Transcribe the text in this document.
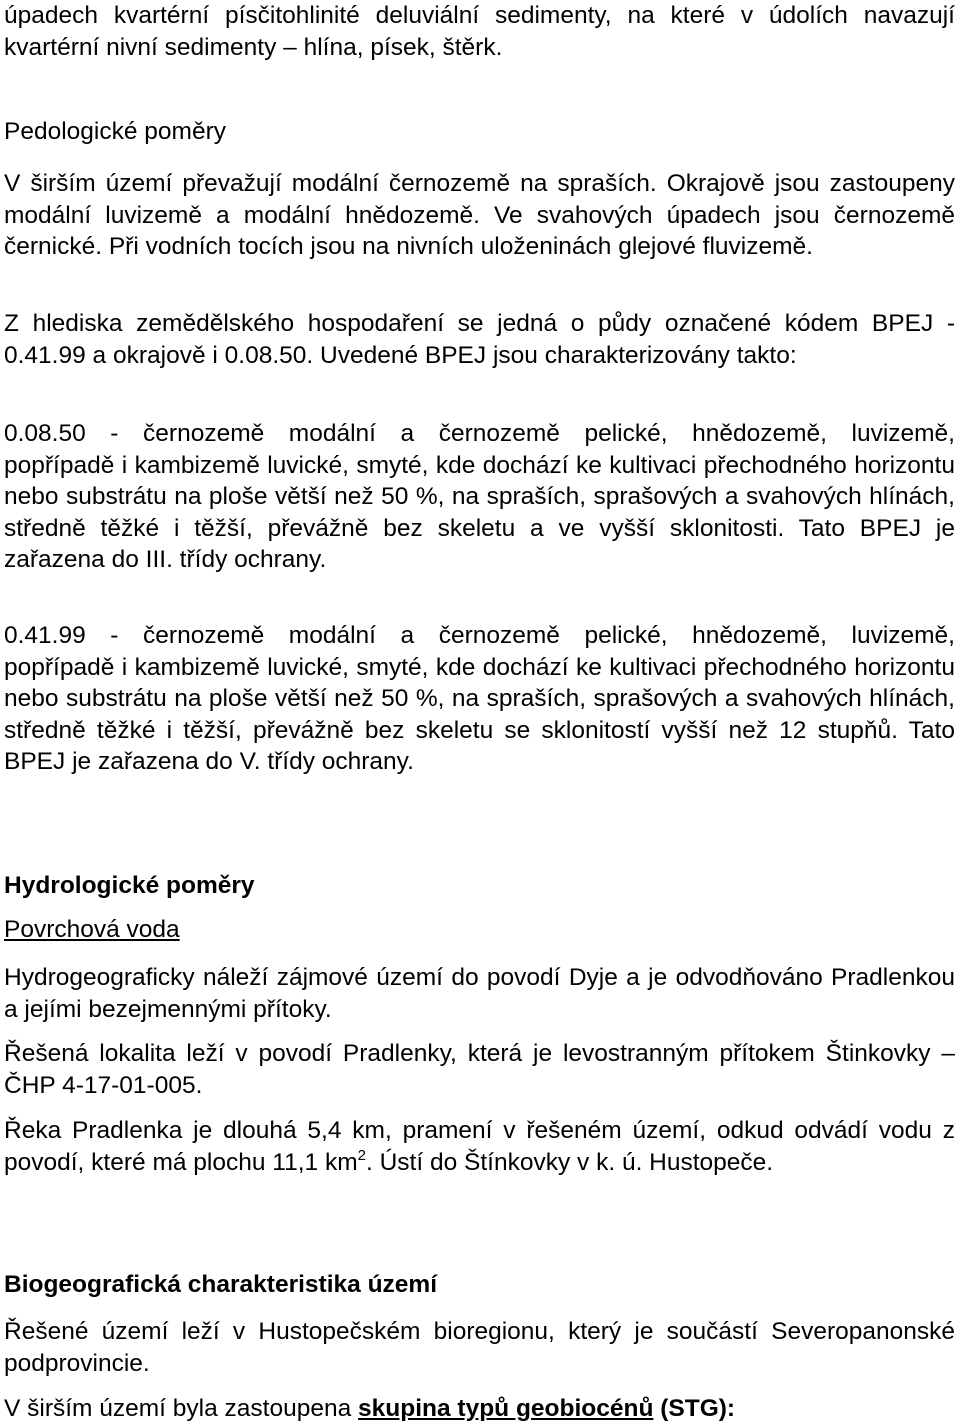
úpadech kvartérní písčitohlinité deluviální sedimenty, na které v údolích navazují kvartérní nivní sedimenty – hlína, písek, štěrk.

Pedologické poměry

V širším území převažují modální černozemě na spraších. Okrajově jsou zastoupeny modální luvizemě a modální hnědozemě. Ve svahových úpadech jsou černozemě černické. Při vodních tocích jsou na nivních uloženinách glejové fluvizemě.

Z hlediska zemědělského hospodaření se jedná o půdy označené kódem BPEJ - 0.41.99 a okrajově i 0.08.50. Uvedené BPEJ jsou charakterizovány takto:

0.08.50 - černozemě modální a černozemě pelické, hnědozemě, luvizemě,

popřípadě i kambizemě luvické, smyté, kde dochází ke kultivaci přechodného horizontu nebo substrátu na ploše větší než 50 %, na spraších, sprašových a svahových hlínách, středně těžké i těžší, převážně bez skeletu a ve vyšší sklonitosti. Tato BPEJ je zařazena do III. třídy ochrany.

0.41.99 - černozemě modální a černozemě pelické, hnědozemě, luvizemě,

popřípadě i kambizemě luvické, smyté, kde dochází ke kultivaci přechodného horizontu nebo substrátu na ploše větší než 50 %, na spraších, sprašových a svahových hlínách, středně těžké i těžší, převážně bez skeletu se sklonitostí vyšší než 12 stupňů. Tato BPEJ je zařazena do V. třídy ochrany.

Hydrologické poměry

Povrchová voda

Hydrogeograficky náleží zájmové území do povodí Dyje a je odvodňováno Pradlenkou a jejími bezejmennými přítoky.

Řešená lokalita leží v povodí Pradlenky, která je levostranným přítokem Štinkovky – ČHP 4-17-01-005.

Řeka Pradlenka je dlouhá 5,4 km, pramení v řešeném území, odkud odvádí vodu z povodí, které má plochu 11,1 $km^2$. Ústí do Štínkovky v k. ú. Hustopeče.

Biogeografická charakteristika území

Řešené území leží v Hustopečském bioregionu, který je součástí Severopanonské podprovincie.

V širším území byla zastoupena skupina typů geobiocénů (STG):
